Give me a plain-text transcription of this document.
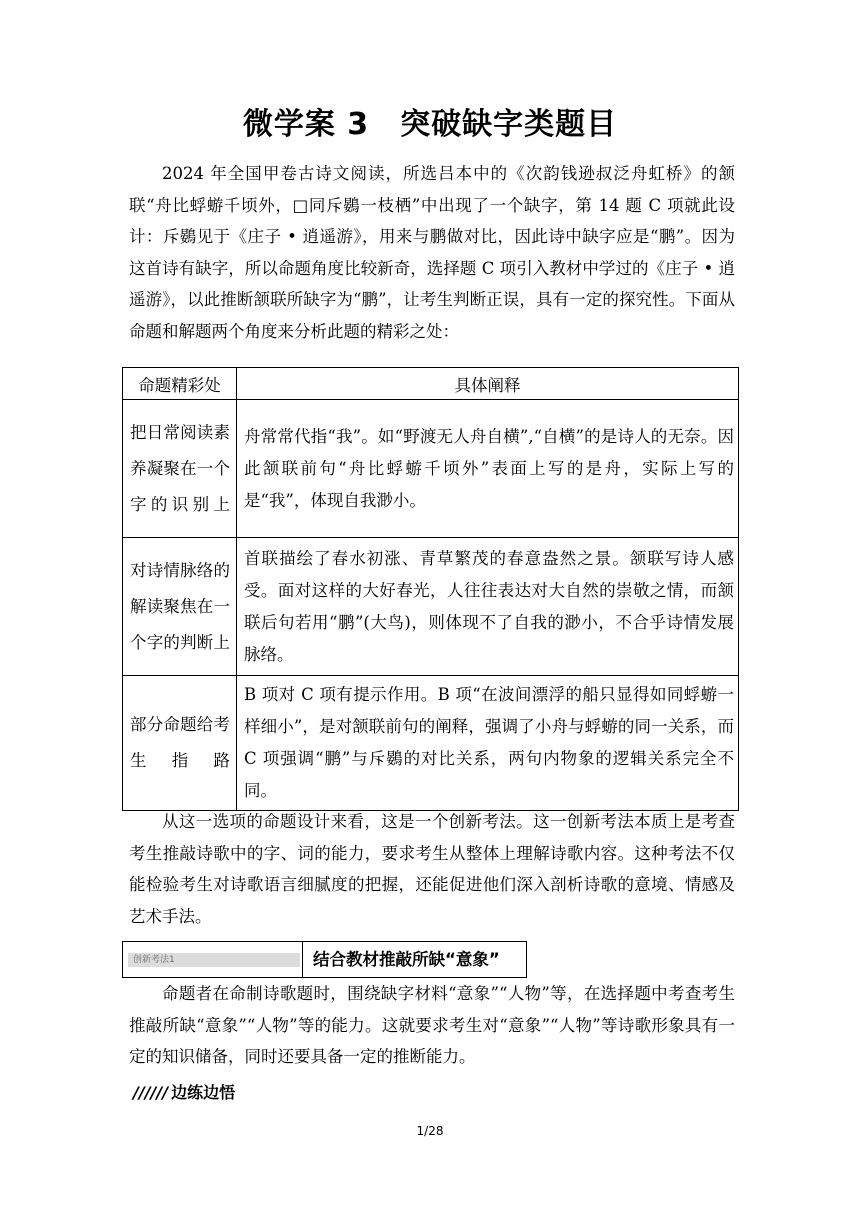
微学案 3　突破缺字类题目

2024 年全国甲卷古诗文阅读，所选吕本中的《次韵钱逊叔泛舟虹桥》的颔联“舟比蜉蝣千顷外，□同斥鷃一枝栖”中出现了一个缺字，第 14 题 C 项就此设计：斥鷃见于《庄子 • 逍遥游》，用来与鹏做对比，因此诗中缺字应是“鹏”。因为这首诗有缺字，所以命题角度比较新奇，选择题 C 项引入教材中学过的《庄子 • 逍遥游》，以此推断颔联所缺字为“鹏”，让考生判断正误，具有一定的探究性。下面从命题和解题两个角度来分析此题的精彩之处：

命题精彩处	具体阐释
把日常阅读素养凝聚在一个字的识别上	舟常常代指“我”。如“野渡无人舟自横”,“自横”的是诗人的无奈。因此颔联前句“舟比蜉蝣千顷外”表面上写的是舟，实际上写的是“我”，体现自我渺小。
对诗情脉络的解读聚焦在一个字的判断上	首联描绘了春水初涨、青草繁茂的春意盎然之景。颔联写诗人感受。面对这样的大好春光，人往往表达对大自然的崇敬之情，而颔联后句若用“鹏”(大鸟)，则体现不了自我的渺小，不合乎诗情发展脉络。
部分命题给考生指路	B 项对 C 项有提示作用。B 项“在波间漂浮的船只显得如同蜉蝣一样细小”，是对颔联前句的阐释，强调了小舟与蜉蝣的同一关系，而 C 项强调“鹏”与斥鷃的对比关系，两句内物象的逻辑关系完全不同。

从这一选项的命题设计来看，这是一个创新考法。这一创新考法本质上是考查考生推敲诗歌中的字、词的能力，要求考生从整体上理解诗歌内容。这种考法不仅能检验考生对诗歌语言细腻度的把握，还能促进他们深入剖析诗歌的意境、情感及艺术手法。

创新考法1	结合教材推敲所缺“意象”

命题者在命制诗歌题时，围绕缺字材料“意象”“人物”等，在选择题中考查考生推敲所缺“意象”“人物”等的能力。这就要求考生对“意象”“人物”等诗歌形象具有一定的知识储备，同时还要具备一定的推断能力。

////// 边练边悟
1/28
